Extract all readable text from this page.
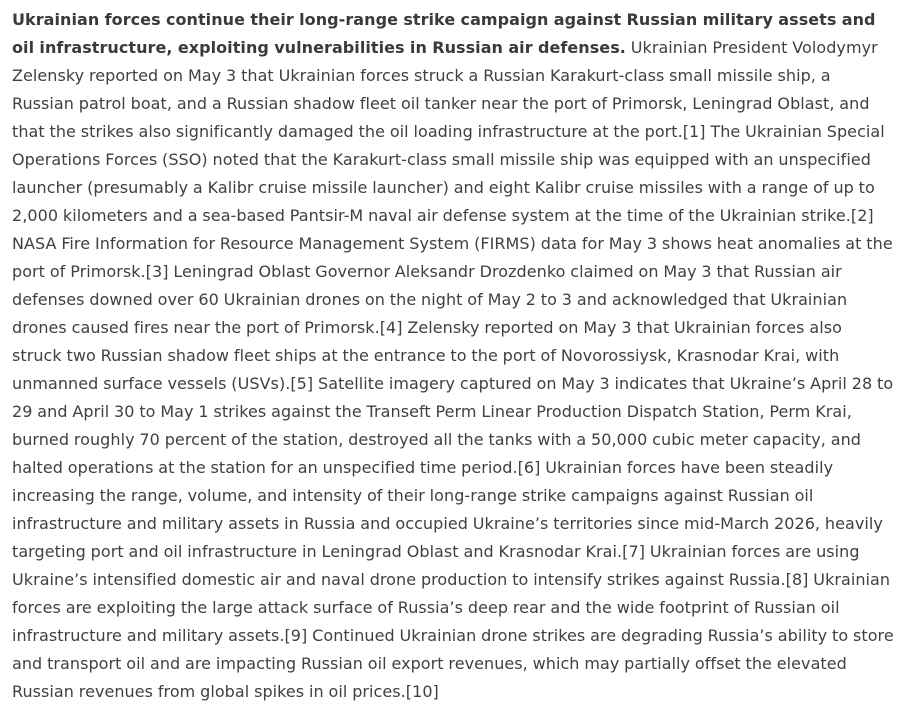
Ukrainian forces continue their long-range strike campaign against Russian military assets and oil infrastructure, exploiting vulnerabilities in Russian air defenses. Ukrainian President Volodymyr Zelensky reported on May 3 that Ukrainian forces struck a Russian Karakurt-class small missile ship, a Russian patrol boat, and a Russian shadow fleet oil tanker near the port of Primorsk, Leningrad Oblast, and that the strikes also significantly damaged the oil loading infrastructure at the port.[1] The Ukrainian Special Operations Forces (SSO) noted that the Karakurt-class small missile ship was equipped with an unspecified launcher (presumably a Kalibr cruise missile launcher) and eight Kalibr cruise missiles with a range of up to 2,000 kilometers and a sea-based Pantsir-M naval air defense system at the time of the Ukrainian strike.[2] NASA Fire Information for Resource Management System (FIRMS) data for May 3 shows heat anomalies at the port of Primorsk.[3] Leningrad Oblast Governor Aleksandr Drozdenko claimed on May 3 that Russian air defenses downed over 60 Ukrainian drones on the night of May 2 to 3 and acknowledged that Ukrainian drones caused fires near the port of Primorsk.[4] Zelensky reported on May 3 that Ukrainian forces also struck two Russian shadow fleet ships at the entrance to the port of Novorossiysk, Krasnodar Krai, with unmanned surface vessels (USVs).[5] Satellite imagery captured on May 3 indicates that Ukraine’s April 28 to 29 and April 30 to May 1 strikes against the Transeft Perm Linear Production Dispatch Station, Perm Krai, burned roughly 70 percent of the station, destroyed all the tanks with a 50,000 cubic meter capacity, and halted operations at the station for an unspecified time period.[6] Ukrainian forces have been steadily increasing the range, volume, and intensity of their long-range strike campaigns against Russian oil infrastructure and military assets in Russia and occupied Ukraine’s territories since mid-March 2026, heavily targeting port and oil infrastructure in Leningrad Oblast and Krasnodar Krai.[7] Ukrainian forces are using Ukraine’s intensified domestic air and naval drone production to intensify strikes against Russia.[8] Ukrainian forces are exploiting the large attack surface of Russia’s deep rear and the wide footprint of Russian oil infrastructure and military assets.[9] Continued Ukrainian drone strikes are degrading Russia’s ability to store and transport oil and are impacting Russian oil export revenues, which may partially offset the elevated Russian revenues from global spikes in oil prices.[10]
